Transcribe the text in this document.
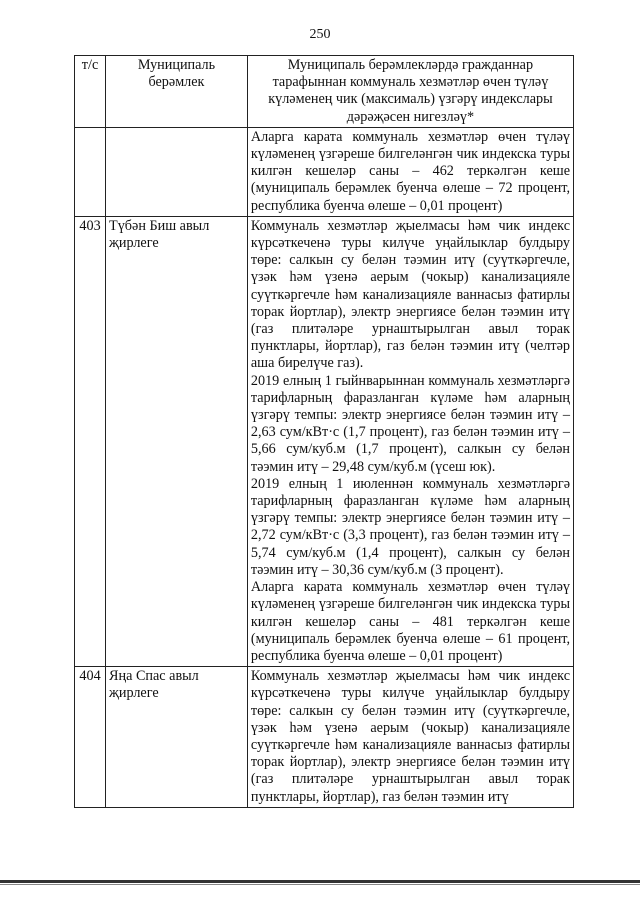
250
т/с	Муниципаль берәмлек	Муниципаль берәмлекләрдә гражданнар тарафыннан коммуналь хезмәтләр өчен түләү күләменең чик (максималь) үзгәрү индекслары дәрәҗәсен нигезләү*

		Аларга карата коммуналь хезмәтләр өчен түләү күләменең үзгәреше билгеләнгән чик индекска туры килгән кешеләр саны – 462 теркәлгән кеше (муниципаль берәмлек буенча өлеше – 72 процент, республика буенча өлеше – 0,01 процент)

403	Түбән Биш авыл җирлеге	Коммуналь хезмәтләр җыелмасы һәм чик индекс күрсәткеченә туры килүче уңайлыклар булдыру төре: салкын су белән тәэмин итү (суүткәргечле, үзәк һәм үзенә аерым (чокыр) канализацияле суүткәргечле һәм канализацияле ваннасыз фатирлы торак йортлар), электр энергиясе белән тәэмин итү (газ плитәләре урнаштырылган авыл торак пунктлары, йортлар), газ белән тәэмин итү (челтәр аша бирелүче газ).

2019 елның 1 гыйнварыннан коммуналь хезмәтләргә тарифларның фаразланган күләме һәм аларның үзгәрү темпы: электр энергиясе белән тәэмин итү – 2,63 сум/кВт·с (1,7 процент), газ белән тәэмин итү – 5,66 сум/куб.м (1,7 процент), салкын су белән тәэмин итү – 29,48 сум/куб.м (үсеш юк).

2019 елның 1 июленнән коммуналь хезмәтләргә тарифларның фаразланган күләме һәм аларның үзгәрү темпы: электр энергиясе белән тәэмин итү – 2,72 сум/кВт·с (3,3 процент), газ белән тәэмин итү – 5,74 сум/куб.м (1,4 процент), салкын су белән тәэмин итү – 30,36 сум/куб.м (3 процент).

Аларга карата коммуналь хезмәтләр өчен түләү күләменең үзгәреше билгеләнгән чик индекска туры килгән кешеләр саны – 481 теркәлгән кеше (муниципаль берәмлек буенча өлеше – 61 процент, республика буенча өлеше – 0,01 процент)

404	Яңа Спас авыл җирлеге	Коммуналь хезмәтләр җыелмасы һәм чик индекс күрсәткеченә туры килүче уңайлыклар булдыру төре: салкын су белән тәэмин итү (суүткәргечле, үзәк һәм үзенә аерым (чокыр) канализацияле суүткәргечле һәм канализацияле ваннасыз фатирлы торак йортлар), электр энергиясе белән тәэмин итү (газ плитәләре урнаштырылган авыл торак пунктлары, йортлар), газ белән тәэмин итү
